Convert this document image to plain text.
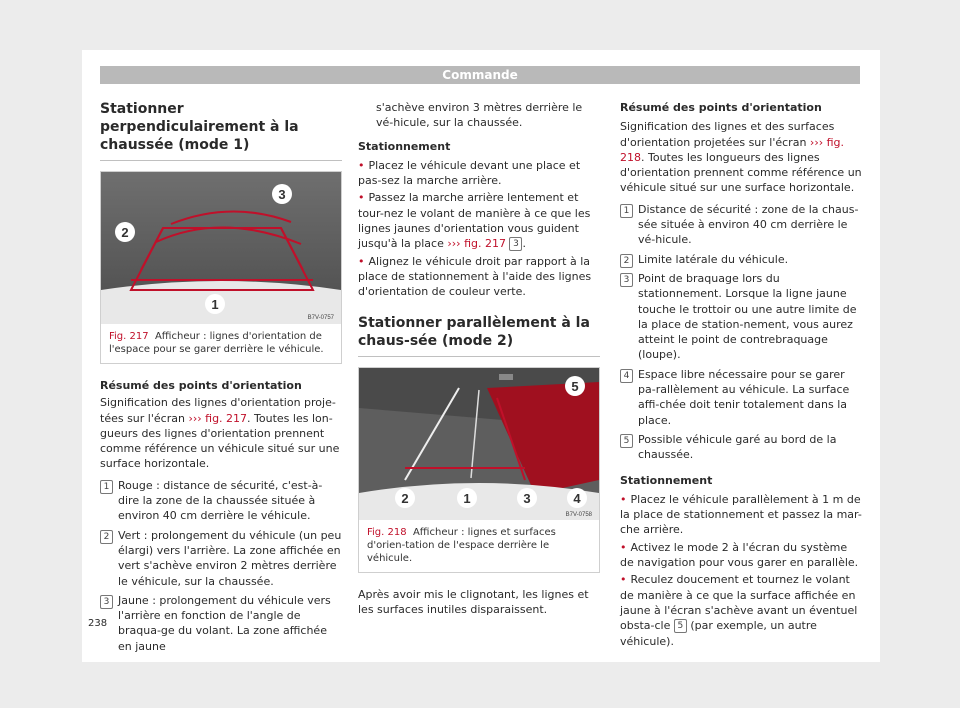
Commande
Stationner perpendiculairement à la chaussée (mode 1)
3
2
1
B7V-0757
Fig. 217 Afficheur : lignes d'orientation de l'espace pour se garer derrière le véhicule.

Résumé des points d'orientation

Signification des lignes d'orientation proje-tées sur l'écran ››› fig. 217. Toutes les lon-gueurs des lignes d'orientation prennent comme référence un véhicule situé sur une surface horizontale.

1 Rouge : distance de sécurité, c'est-à-dire la zone de la chaussée située à environ 40 cm derrière le véhicule.
2 Vert : prolongement du véhicule (un peu élargi) vers l'arrière. La zone affichée en vert s'achève environ 2 mètres derrière le véhicule, sur la chaussée.
3 Jaune : prolongement du véhicule vers l'arrière en fonction de l'angle de braqua-ge du volant. La zone affichée en jaune

s'achève environ 3 mètres derrière le vé-hicule, sur la chaussée.

Stationnement

• Placez le véhicule devant une place et pas-sez la marche arrière.

• Passez la marche arrière lentement et tour-nez le volant de manière à ce que les lignes jaunes d'orientation vous guident jusqu'à la place ››› fig. 217 3 .

• Alignez le véhicule droit par rapport à la place de stationnement à l'aide des lignes d'orientation de couleur verte.

Stationner parallèlement à la chaus-sée (mode 2)
5
2	1	3	4
B7V-0758
Fig. 218 Afficheur : lignes et surfaces d'orien-tation de l'espace derrière le véhicule.

Après avoir mis le clignotant, les lignes et les surfaces inutiles disparaissent.

Résumé des points d'orientation

Signification des lignes et des surfaces d'orientation projetées sur l'écran ››› fig. 218. Toutes les longueurs des lignes d'orientation prennent comme référence un véhicule situé sur une surface horizontale.

1 Distance de sécurité : zone de la chaus-sée située à environ 40 cm derrière le vé-hicule.
2 Limite latérale du véhicule.
3 Point de braquage lors du stationnement. Lorsque la ligne jaune touche le trottoir ou une autre limite de la place de station-nement, vous aurez atteint le point de contrebraquage (loupe).
4 Espace libre nécessaire pour se garer pa-rallèlement au véhicule. La surface affi-chée doit tenir totalement dans la place.
5 Possible véhicule garé au bord de la chaussée.

Stationnement

• Placez le véhicule parallèlement à 1 m de la place de stationnement et passez la mar-che arrière.

• Activez le mode 2 à l'écran du système de navigation pour vous garer en parallèle.

• Reculez doucement et tournez le volant de manière à ce que la surface affichée en jaune à l'écran s'achève avant un éventuel obsta-cle 5 (par exemple, un autre véhicule).

238
